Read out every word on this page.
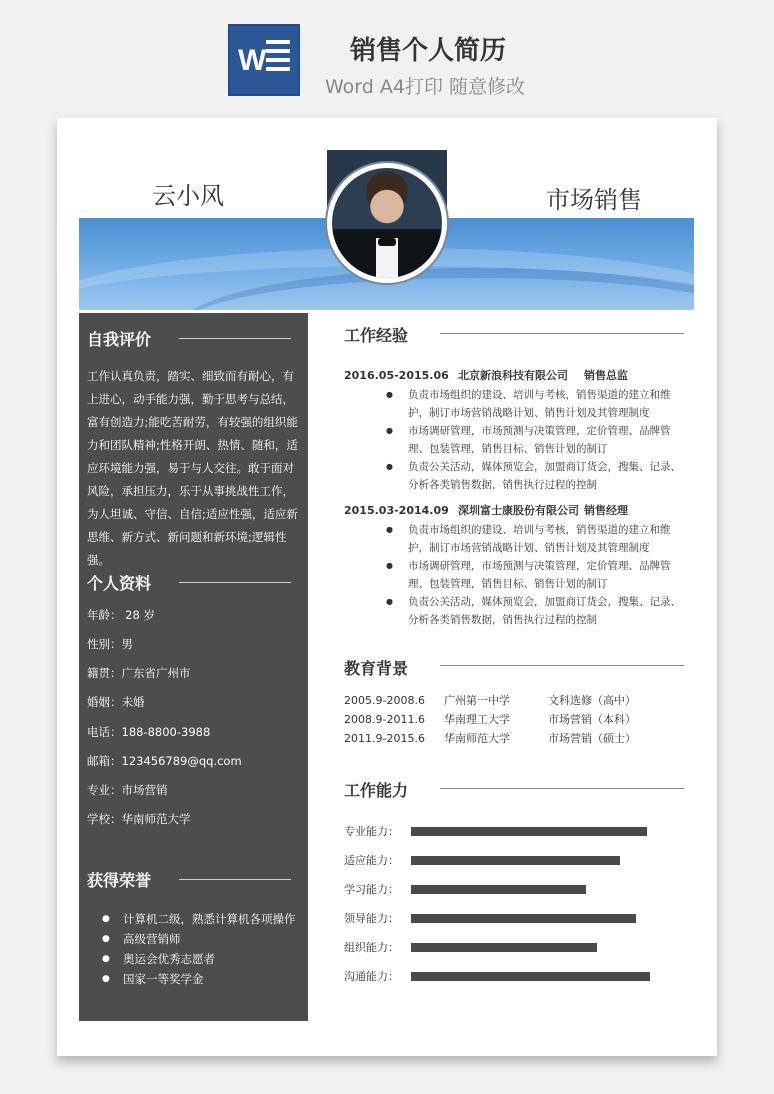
W	销售个人简历
Word A4打印 随意修改
云小风	市场销售
自我评价
工作认真负责，踏实、细致而有耐心，有上进心，动手能力强，勤于思考与总结，富有创造力;能吃苦耐劳，有较强的组织能力和团队精神;性格开朗、热情、随和，适应环境能力强，易于与人交往。敢于面对风险，承担压力，乐于从事挑战性工作，为人坦诚、守信、自信;适应性强，适应新思维、新方式、新问题和新环境;逻辑性强。
个人资料
年龄： 28 岁
性别：男
籍贯：广东省广州市
婚姻：未婚
电话：188-8800-3988
邮箱：123456789@qq.com
专业：市场营销
学校：华南师范大学
获得荣誉
● 计算机二级，熟悉计算机各项操作
● 高级营销师
● 奥运会优秀志愿者
● 国家一等奖学金
工作经验
2016.05-2015.06 北京新浪科技有限公司 销售总监
● 负责市场组织的建设、培训与考核，销售渠道的建立和维护，制订市场营销战略计划、销售计划及其管理制度
● 市场调研管理，市场预测与决策管理，定价管理、品牌管理、包装管理，销售目标、销售计划的制订
● 负责公关活动，媒体预览会，加盟商订货会，搜集、记录、分析各类销售数据，销售执行过程的控制
2015.03-2014.09 深圳富士康股份有限公司 销售经理
● 负责市场组织的建设、培训与考核，销售渠道的建立和维护，制订市场营销战略计划、销售计划及其管理制度
● 市场调研管理，市场预测与决策管理，定价管理、品牌管理、包装管理，销售目标、销售计划的制订
● 负责公关活动，媒体预览会，加盟商订货会，搜集、记录、分析各类销售数据，销售执行过程的控制
教育背景
2005.9-2008.6 广州第一中学	文科选修（高中）
2008.9-2011.6 华南理工大学	市场营销（本科）
2011.9-2015.6 华南师范大学	市场营销（硕士）
工作能力
专业能力：
适应能力：
学习能力：
领导能力：
组织能力：
沟通能力：
